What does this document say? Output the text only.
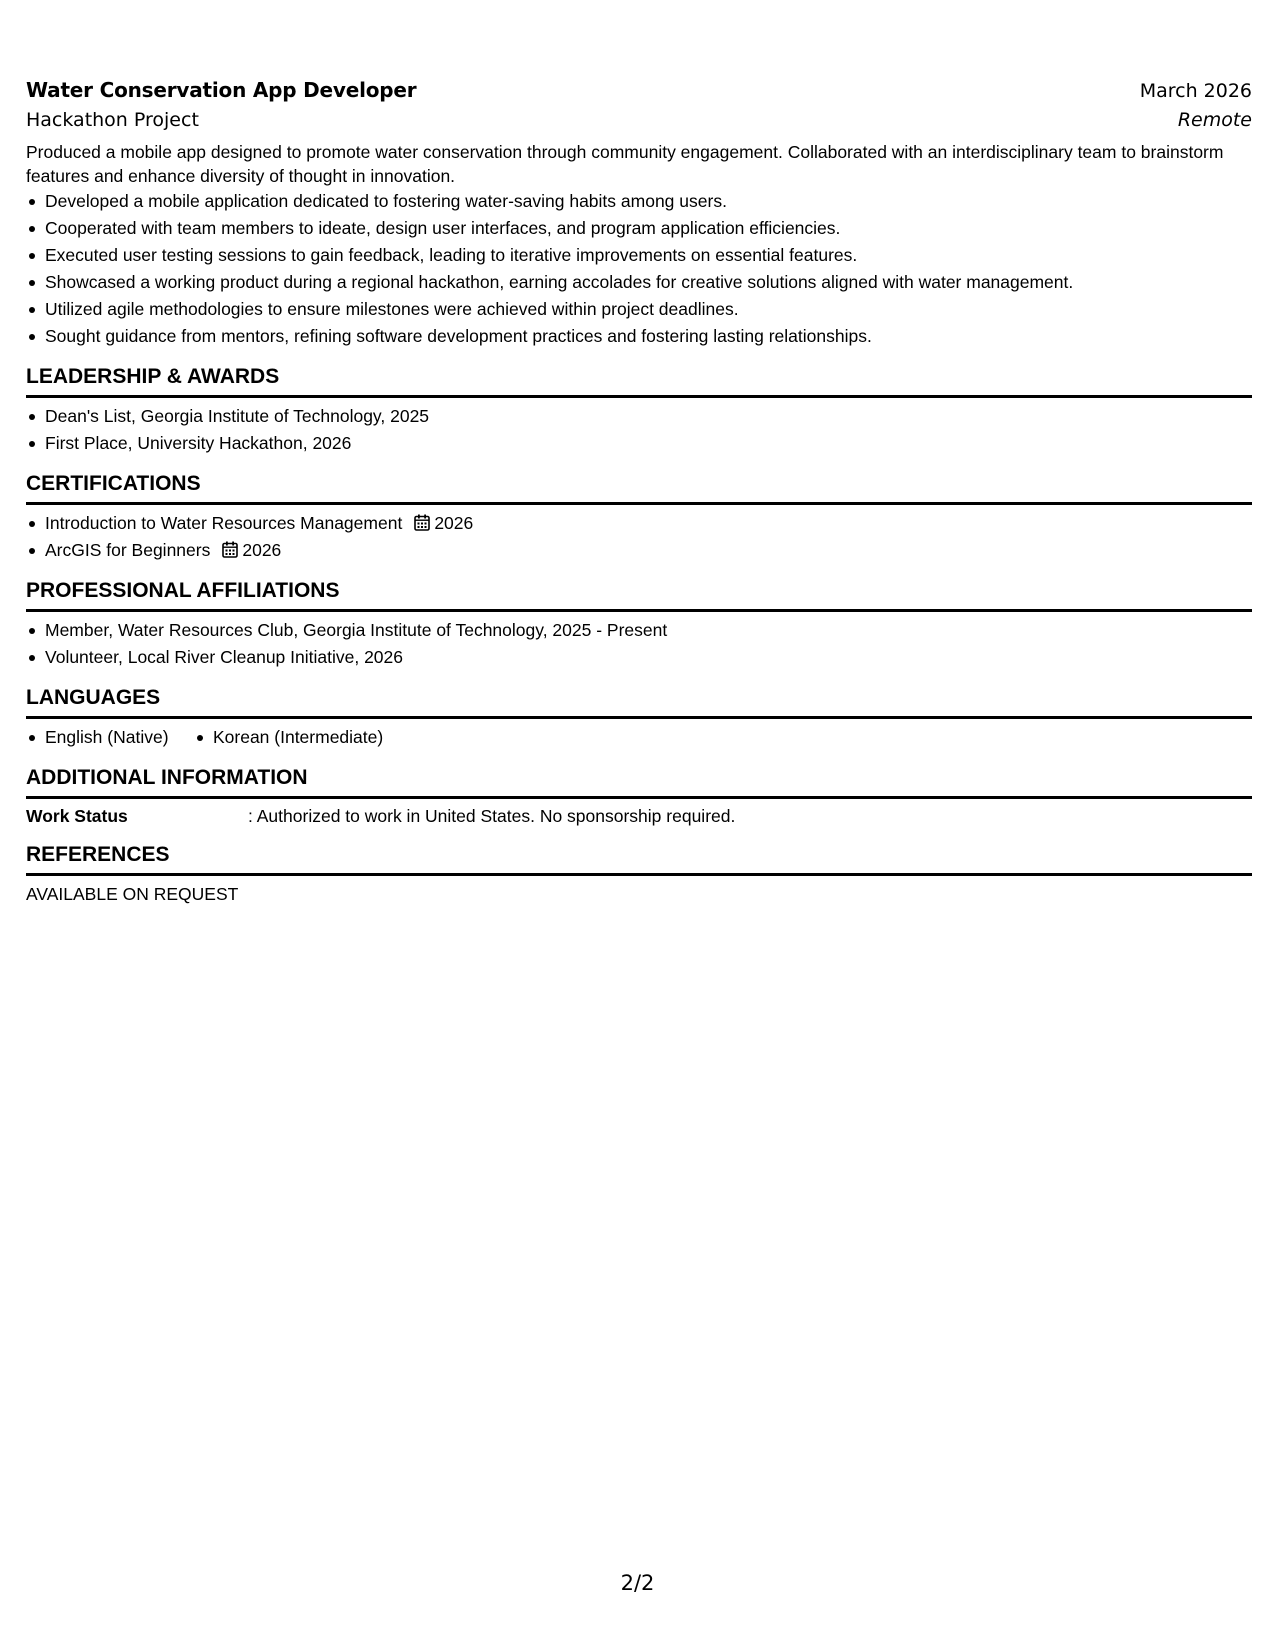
Water Conservation App Developer	March 2026
Hackathon Project	Remote

Produced a mobile app designed to promote water conservation through community engagement. Collaborated with an interdisciplinary team to brainstorm features and enhance diversity of thought in innovation.

Developed a mobile application dedicated to fostering water-saving habits among users.
Cooperated with team members to ideate, design user interfaces, and program application efficiencies.
Executed user testing sessions to gain feedback, leading to iterative improvements on essential features.
Showcased a working product during a regional hackathon, earning accolades for creative solutions aligned with water management.
Utilized agile methodologies to ensure milestones were achieved within project deadlines.
Sought guidance from mentors, refining software development practices and fostering lasting relationships.
LEADERSHIP & AWARDS
Dean's List, Georgia Institute of Technology, 2025
First Place, University Hackathon, 2026
CERTIFICATIONS
Introduction to Water Resources Management 2026
ArcGIS for Beginners 2026
PROFESSIONAL AFFILIATIONS
Member, Water Resources Club, Georgia Institute of Technology, 2025 - Present
Volunteer, Local River Cleanup Initiative, 2026
LANGUAGES
English (Native)	Korean (Intermediate)
ADDITIONAL INFORMATION
Work Status	: Authorized to work in United States. No sponsorship required.
REFERENCES
AVAILABLE ON REQUEST
2/2
